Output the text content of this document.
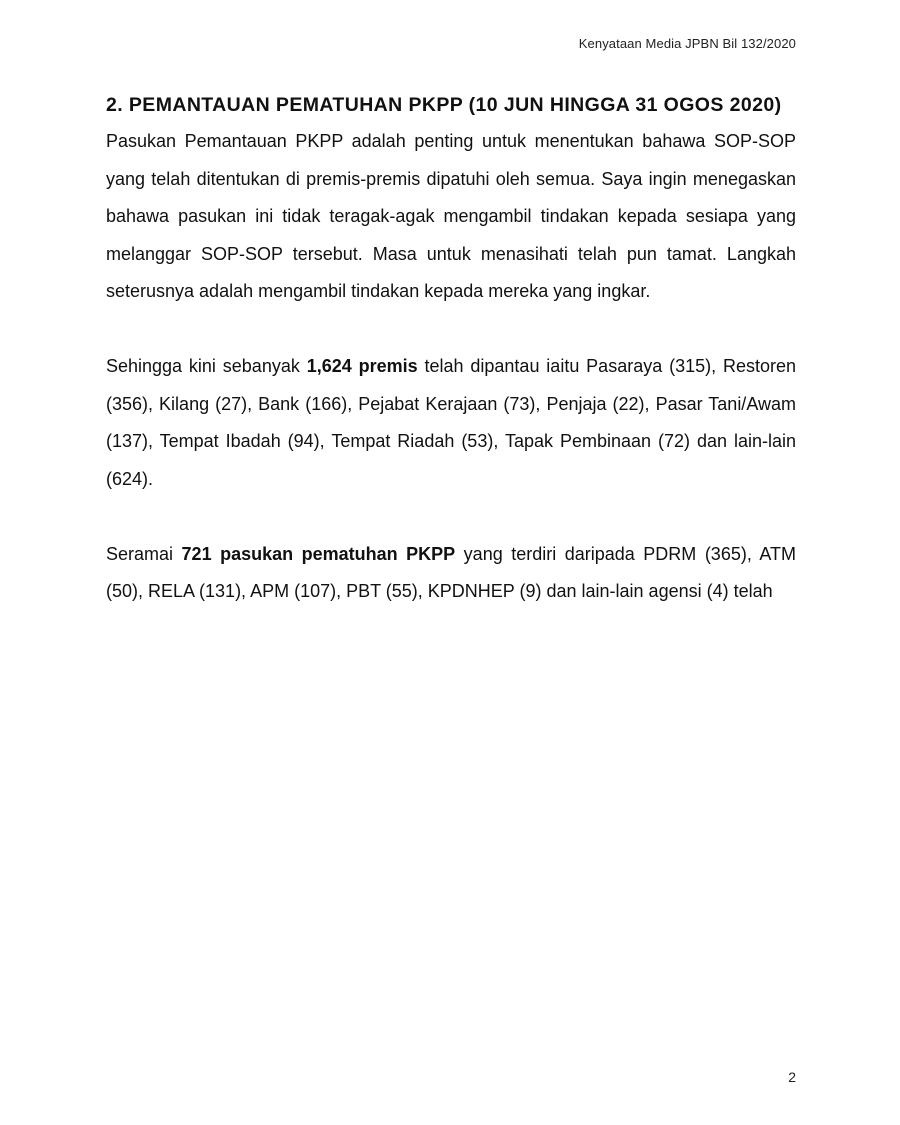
Kenyataan Media JPBN Bil 132/2020
2. PEMANTAUAN PEMATUHAN PKPP (10 JUN HINGGA 31 OGOS 2020)

Pasukan Pemantauan PKPP adalah penting untuk menentukan bahawa SOP-SOP yang telah ditentukan di premis-premis dipatuhi oleh semua. Saya ingin menegaskan bahawa pasukan ini tidak teragak-agak mengambil tindakan kepada sesiapa yang melanggar SOP-SOP tersebut. Masa untuk menasihati telah pun tamat. Langkah seterusnya adalah mengambil tindakan kepada mereka yang ingkar.

Sehingga kini sebanyak 1,624 premis telah dipantau iaitu Pasaraya (315), Restoren (356), Kilang (27), Bank (166), Pejabat Kerajaan (73), Penjaja (22), Pasar Tani/Awam (137), Tempat Ibadah (94), Tempat Riadah (53), Tapak Pembinaan (72) dan lain-lain (624).

Seramai 721 pasukan pematuhan PKPP yang terdiri daripada PDRM (365), ATM (50), RELA (131), APM (107), PBT (55), KPDNHEP (9) dan lain-lain agensi (4) telah

2
